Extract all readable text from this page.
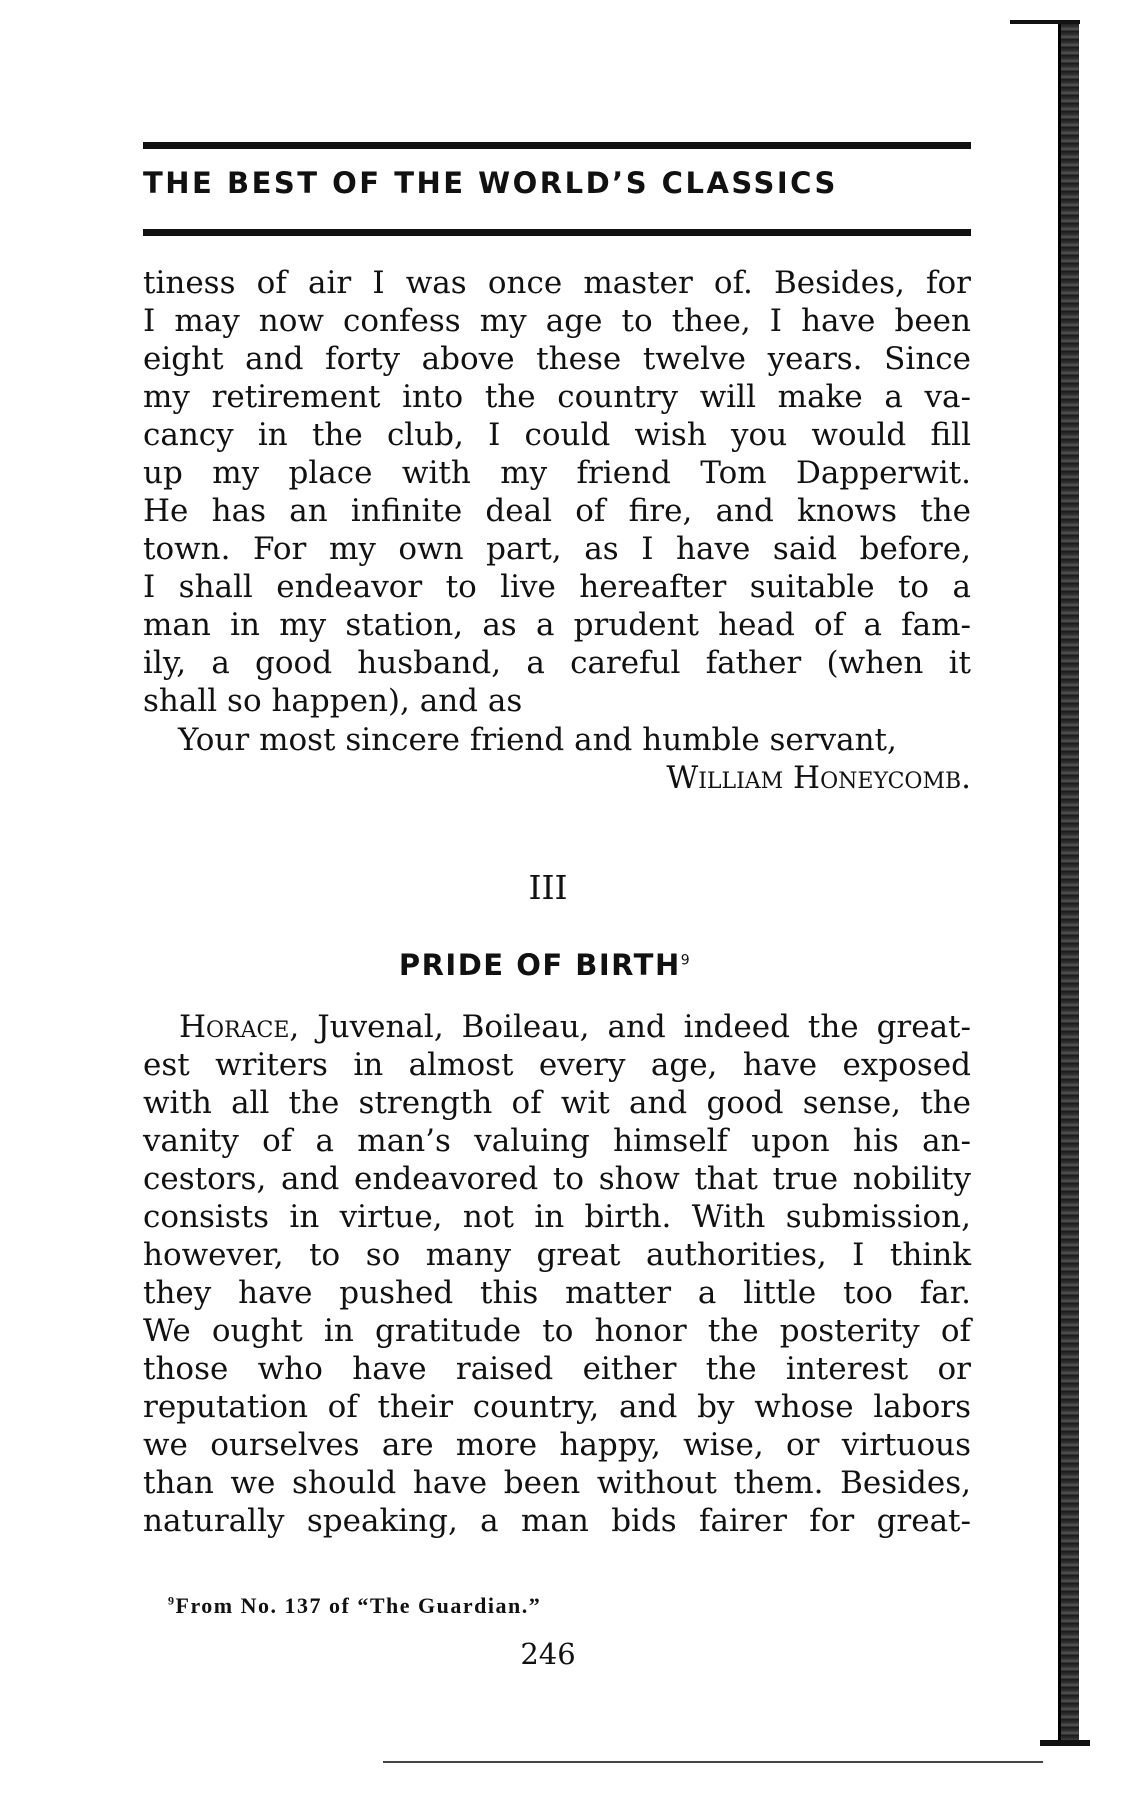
THE BEST OF THE WORLD’S CLASSICS
tiness of air I was once master of. Besides, for
I may now confess my age to thee, I have been
eight and forty above these twelve years. Since
my retirement into the country will make a va-
cancy in the club, I could wish you would fill
up my place with my friend Tom Dapperwit.
He has an infinite deal of fire, and knows the
town. For my own part, as I have said before,
I shall endeavor to live hereafter suitable to a
man in my station, as a prudent head of a fam-
ily, a good husband, a careful father (when it
shall so happen), and as
Your most sincere friend and humble servant,
William Honeycomb.
III
PRIDE OF BIRTH$^9$
Horace, Juvenal, Boileau, and indeed the great-
est writers in almost every age, have exposed
with all the strength of wit and good sense, the
vanity of a man’s valuing himself upon his an-
cestors, and endeavored to show that true nobility
consists in virtue, not in birth. With submission,
however, to so many great authorities, I think
they have pushed this matter a little too far.
We ought in gratitude to honor the posterity of
those who have raised either the interest or
reputation of their country, and by whose labors
we ourselves are more happy, wise, or virtuous
than we should have been without them. Besides,
naturally speaking, a man bids fairer for great-
$^9$From No. 137 of “The Guardian.”
246
